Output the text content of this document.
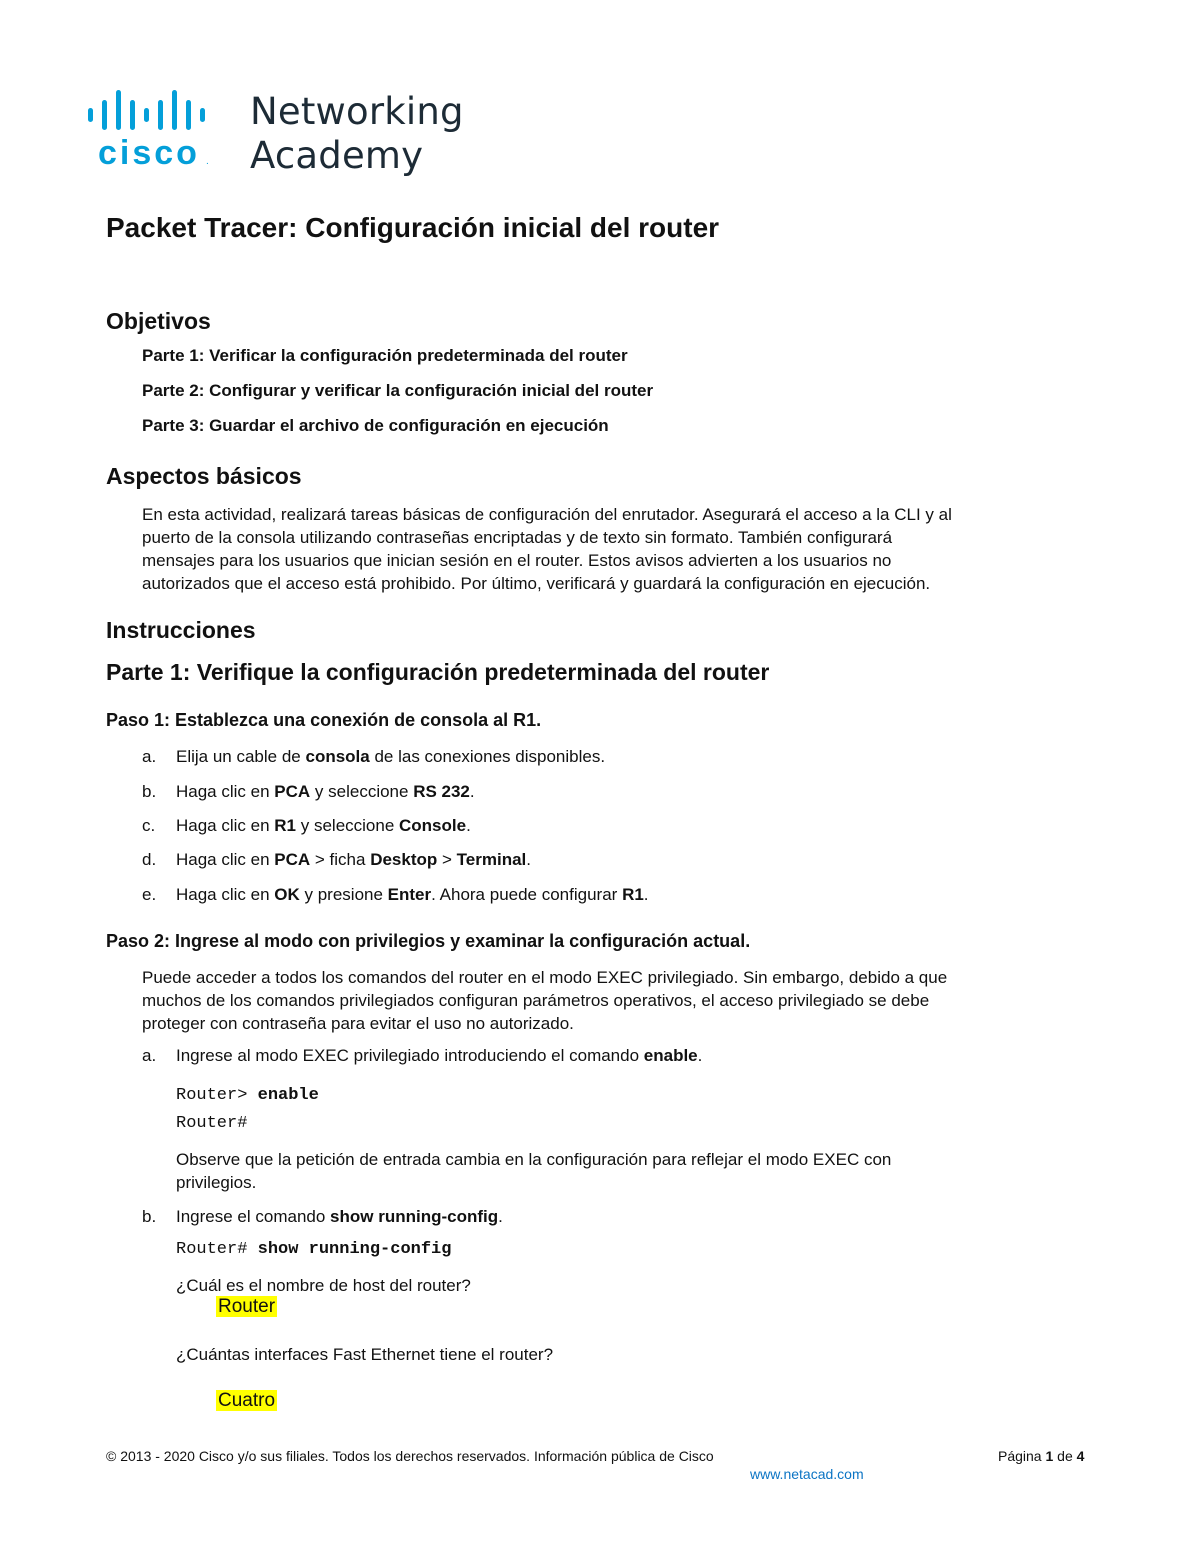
cisco .
Networking
Academy
Packet Tracer: Configuración inicial del router
Objetivos
Parte 1: Verificar la configuración predeterminada del router
Parte 2: Configurar y verificar la configuración inicial del router
Parte 3: Guardar el archivo de configuración en ejecución
Aspectos básicos
En esta actividad, realizará tareas básicas de configuración del enrutador. Asegurará el acceso a la CLI y al
puerto de la consola utilizando contraseñas encriptadas y de texto sin formato. También configurará
mensajes para los usuarios que inician sesión en el router. Estos avisos advierten a los usuarios no
autorizados que el acceso está prohibido. Por último, verificará y guardará la configuración en ejecución.
Instrucciones
Parte 1: Verifique la configuración predeterminada del router
Paso 1: Establezca una conexión de consola al R1.
a. Elija un cable de consola de las conexiones disponibles.
b. Haga clic en PCA y seleccione RS 232.
c. Haga clic en R1 y seleccione Console.
d. Haga clic en PCA > ficha Desktop > Terminal.
e. Haga clic en OK y presione Enter. Ahora puede configurar R1.
Paso 2: Ingrese al modo con privilegios y examinar la configuración actual.
Puede acceder a todos los comandos del router en el modo EXEC privilegiado. Sin embargo, debido a que
muchos de los comandos privilegiados configuran parámetros operativos, el acceso privilegiado se debe
proteger con contraseña para evitar el uso no autorizado.
a. Ingrese al modo EXEC privilegiado introduciendo el comando enable.
Router> enable
Router#
Observe que la petición de entrada cambia en la configuración para reflejar el modo EXEC con
privilegios.
b. Ingrese el comando show running-config.
Router# show running-config
¿Cuál es el nombre de host del router?
Router
¿Cuántas interfaces Fast Ethernet tiene el router?
Cuatro
© 2013 - 2020 Cisco y/o sus filiales. Todos los derechos reservados. Información pública de Cisco	Página 1 de 4
www.netacad.com
